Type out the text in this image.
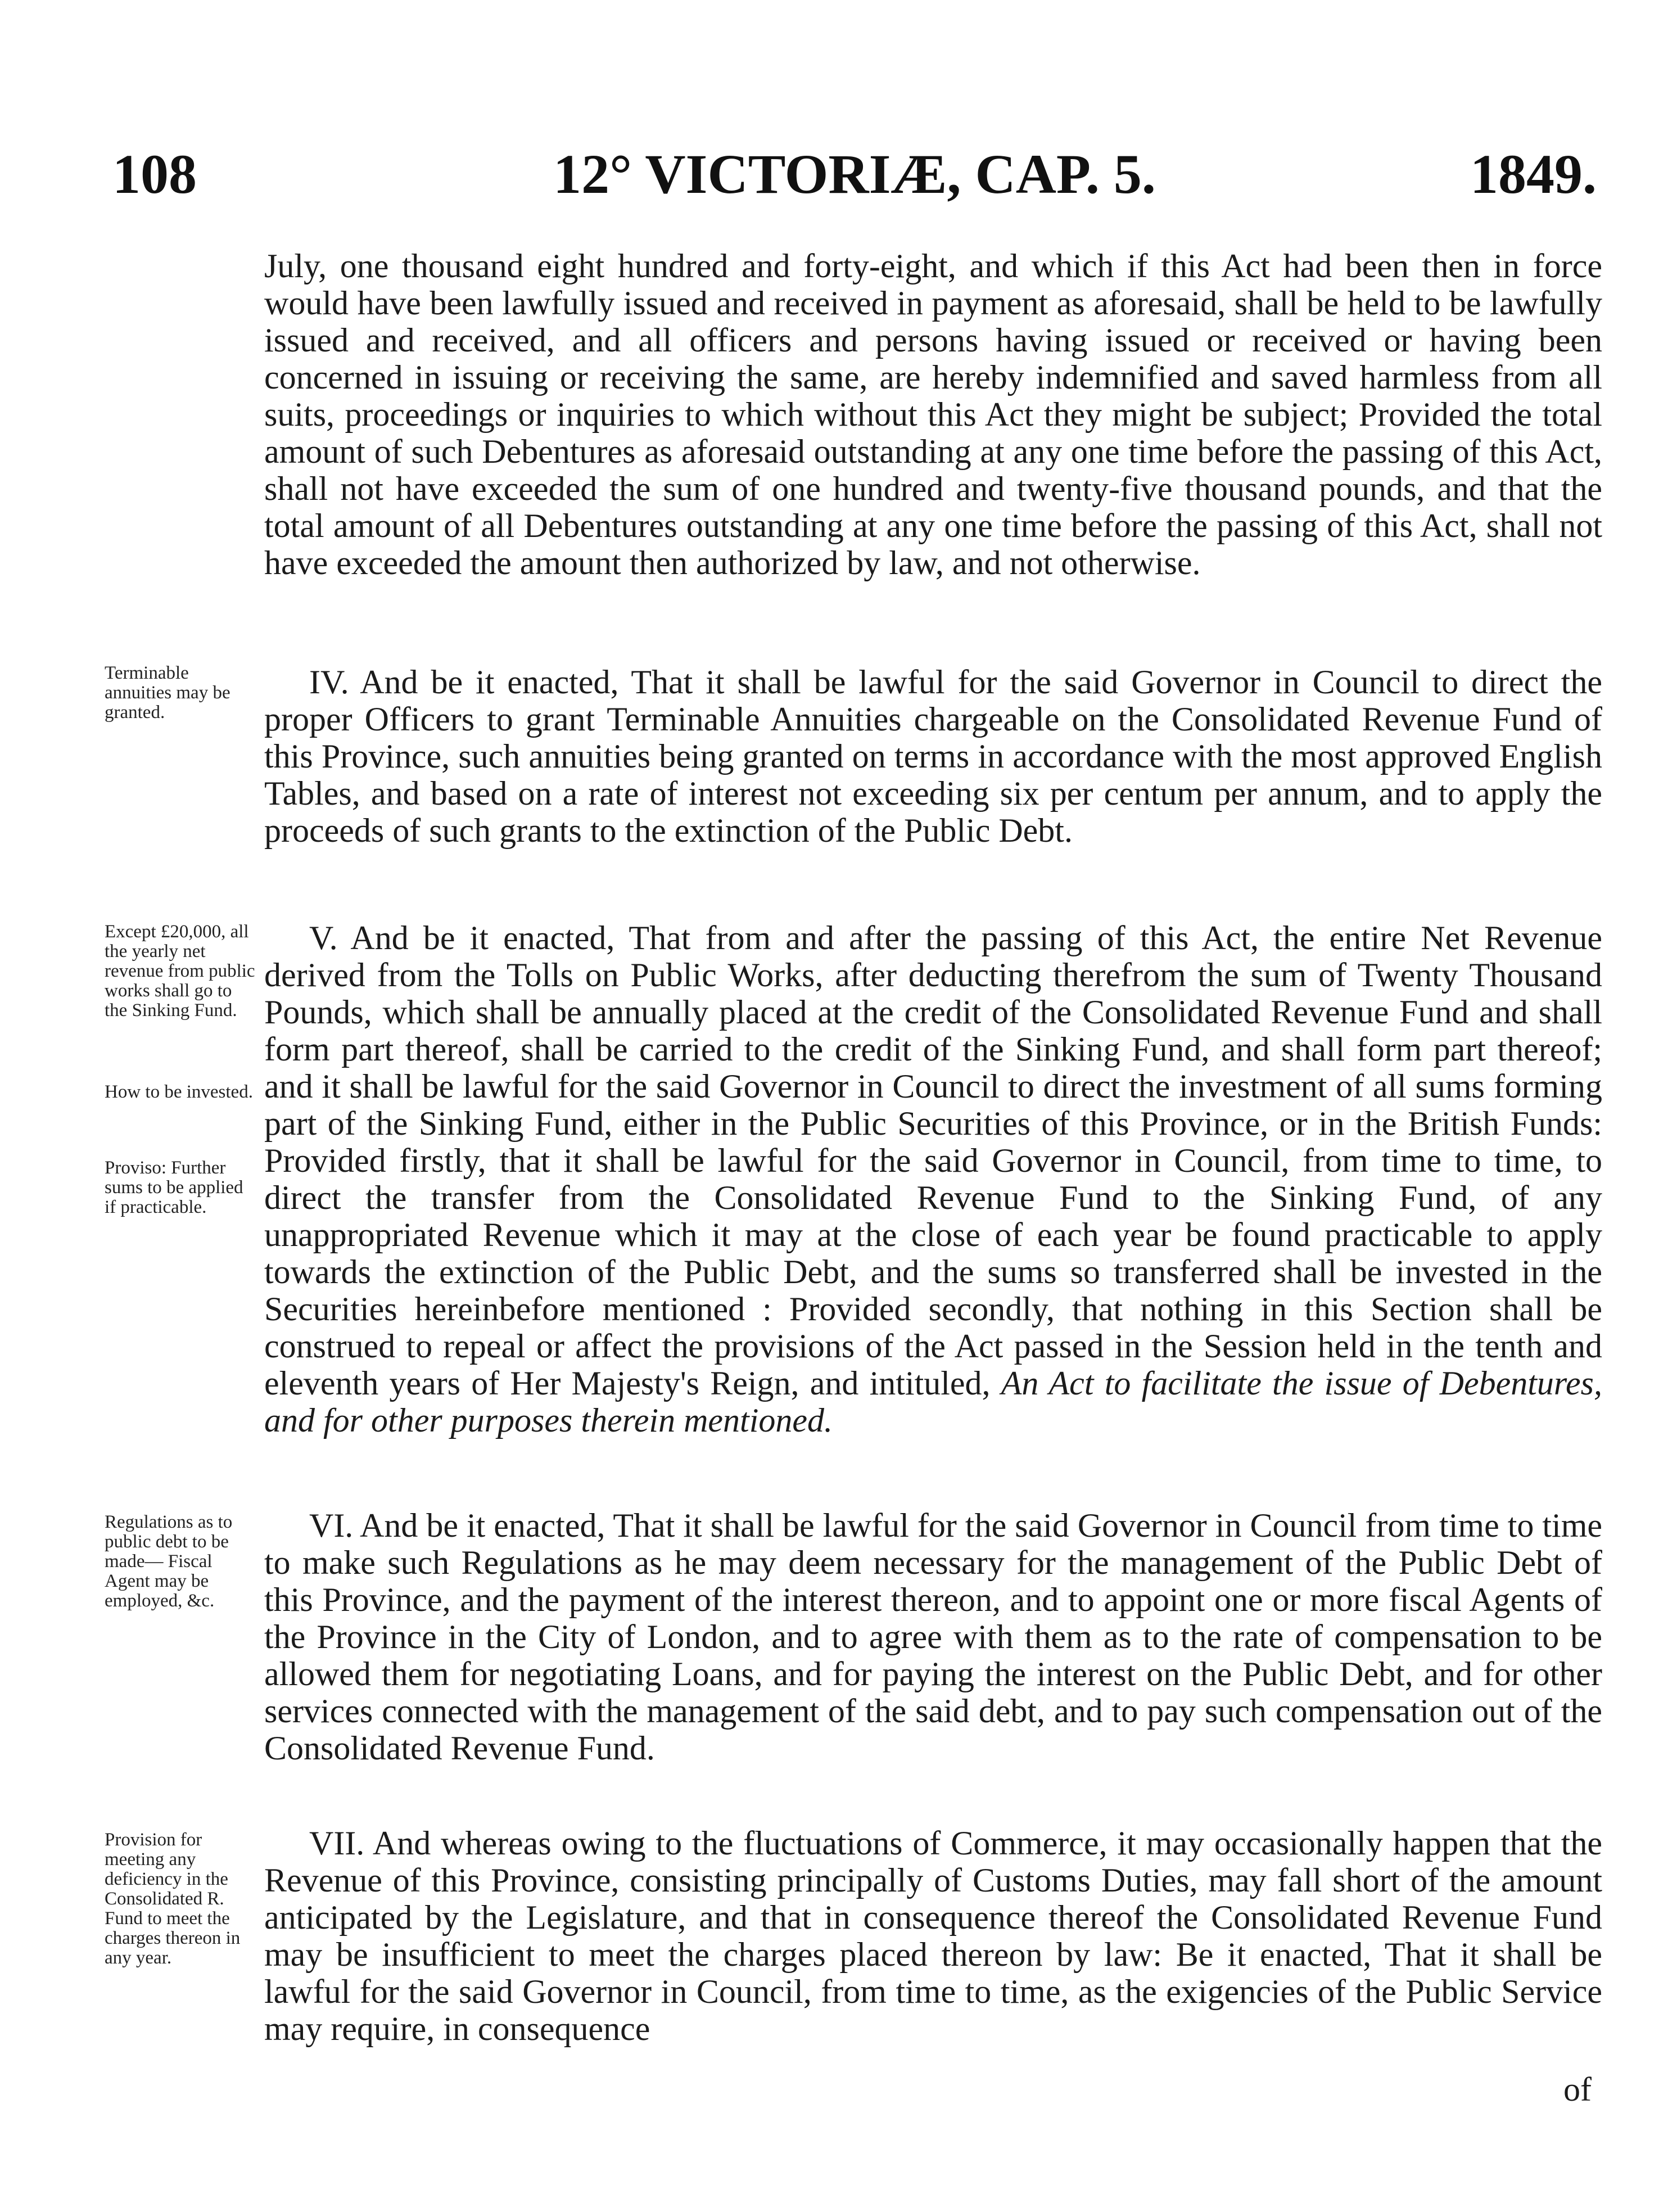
12° VICTORIÆ, CAP. 5.
108	1849.
July, one thousand eight hundred and forty-eight, and which if this Act had been then in force would have been lawfully issued and received in payment as aforesaid, shall be held to be lawfully issued and received, and all officers and persons having issued or received or having been concerned in issuing or receiving the same, are hereby indemnified and saved harmless from all suits, proceedings or inquiries to which without this Act they might be subject; Provided the total amount of such Debentures as aforesaid outstanding at any one time before the passing of this Act, shall not have exceeded the sum of one hundred and twenty-five thousand pounds, and that the total amount of all Debentures outstanding at any one time before the passing of this Act, shall not have exceeded the amount then authorized by law, and not otherwise.
Terminable annuities may be granted.
IV. And be it enacted, That it shall be lawful for the said Governor in Council to direct the proper Officers to grant Terminable Annuities chargeable on the Consolidated Revenue Fund of this Province, such annuities being granted on terms in accordance with the most approved English Tables, and based on a rate of interest not exceeding six per centum per annum, and to apply the proceeds of such grants to the extinction of the Public Debt.
Except £20,000, all the yearly net revenue from public works shall go to the Sinking Fund.
How to be invested.
Proviso: Further sums to be applied if practicable.
V. And be it enacted, That from and after the passing of this Act, the entire Net Revenue derived from the Tolls on Public Works, after deducting therefrom the sum of Twenty Thousand Pounds, which shall be annually placed at the credit of the Consolidated Revenue Fund and shall form part thereof, shall be carried to the credit of the Sinking Fund, and shall form part thereof; and it shall be lawful for the said Governor in Council to direct the investment of all sums forming part of the Sinking Fund, either in the Public Securities of this Province, or in the British Funds: Provided firstly, that it shall be lawful for the said Governor in Council, from time to time, to direct the transfer from the Consolidated Revenue Fund to the Sinking Fund, of any unappropriated Revenue which it may at the close of each year be found practicable to apply towards the extinction of the Public Debt, and the sums so transferred shall be invested in the Securities hereinbefore mentioned : Provided secondly, that nothing in this Section shall be construed to repeal or affect the provisions of the Act passed in the Session held in the tenth and eleventh years of Her Majesty's Reign, and intituled, An Act to facilitate the issue of Debentures, and for other purposes therein mentioned.
Regulations as to public debt to be made— Fiscal Agent may be employed, &c.
VI. And be it enacted, That it shall be lawful for the said Governor in Council from time to time to make such Regulations as he may deem necessary for the management of the Public Debt of this Province, and the payment of the interest thereon, and to appoint one or more fiscal Agents of the Province in the City of London, and to agree with them as to the rate of compensation to be allowed them for negotiating Loans, and for paying the interest on the Public Debt, and for other services connected with the management of the said debt, and to pay such compensation out of the Consolidated Revenue Fund.
Provision for meeting any deficiency in the Consolidated R. Fund to meet the charges thereon in any year.
VII. And whereas owing to the fluctuations of Commerce, it may occasionally happen that the Revenue of this Province, consisting principally of Customs Duties, may fall short of the amount anticipated by the Legislature, and that in consequence thereof the Consolidated Revenue Fund may be insufficient to meet the charges placed thereon by law: Be it enacted, That it shall be lawful for the said Governor in Council, from time to time, as the exigencies of the Public Service may require, in consequence
of
